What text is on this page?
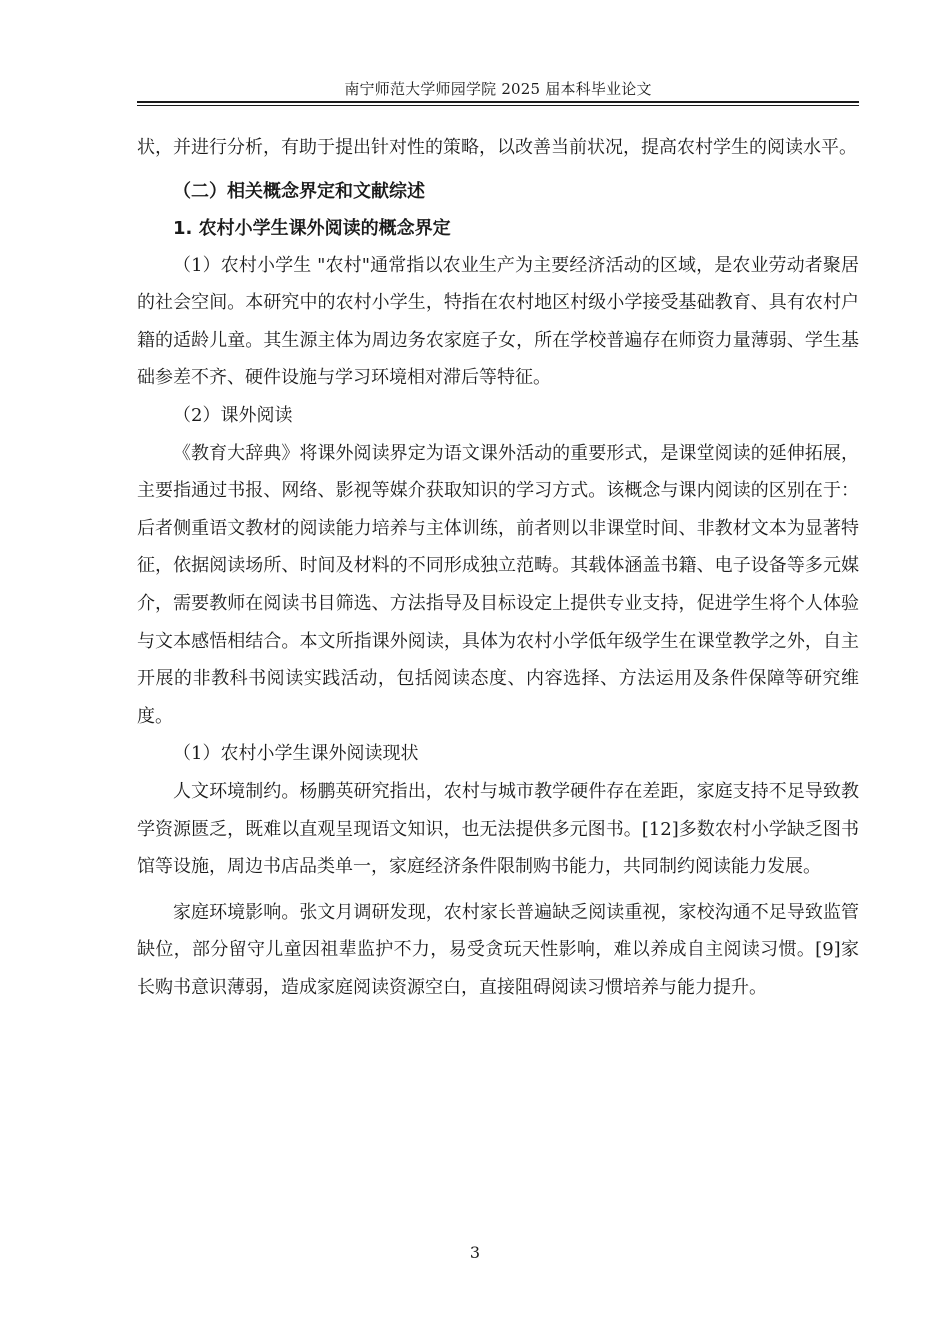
南宁师范大学师园学院 2025 届本科毕业论文

状，并进行分析，有助于提出针对性的策略，以改善当前状况，提高农村学生的阅读水平。

（二）相关概念界定和文献综述
1. 农村小学生课外阅读的概念界定

（1）农村小学生 "农村"通常指以农业生产为主要经济活动的区域，是农业劳动者聚居的社会空间。本研究中的农村小学生，特指在农村地区村级小学接受基础教育、具有农村户籍的适龄儿童。其生源主体为周边务农家庭子女，所在学校普遍存在师资力量薄弱、学生基础参差不齐、硬件设施与学习环境相对滞后等特征。

（2）课外阅读

《教育大辞典》将课外阅读界定为语文课外活动的重要形式，是课堂阅读的延伸拓展，主要指通过书报、网络、影视等媒介获取知识的学习方式。该概念与课内阅读的区别在于：后者侧重语文教材的阅读能力培养与主体训练，前者则以非课堂时间、非教材文本为显著特征，依据阅读场所、时间及材料的不同形成独立范畴。其载体涵盖书籍、电子设备等多元媒介，需要教师在阅读书目筛选、方法指导及目标设定上提供专业支持，促进学生将个人体验与文本感悟相结合。本文所指课外阅读，具体为农村小学低年级学生在课堂教学之外，自主开展的非教科书阅读实践活动，包括阅读态度、内容选择、方法运用及条件保障等研究维度。

（1）农村小学生课外阅读现状

人文环境制约。杨鹏英研究指出，农村与城市教学硬件存在差距，家庭支持不足导致教学资源匮乏，既难以直观呈现语文知识，也无法提供多元图书。[12]多数农村小学缺乏图书馆等设施，周边书店品类单一，家庭经济条件限制购书能力，共同制约阅读能力发展。

家庭环境影响。张文月调研发现，农村家长普遍缺乏阅读重视，家校沟通不足导致监管缺位，部分留守儿童因祖辈监护不力，易受贪玩天性影响，难以养成自主阅读习惯。[9]家长购书意识薄弱，造成家庭阅读资源空白，直接阻碍阅读习惯培养与能力提升。

3
